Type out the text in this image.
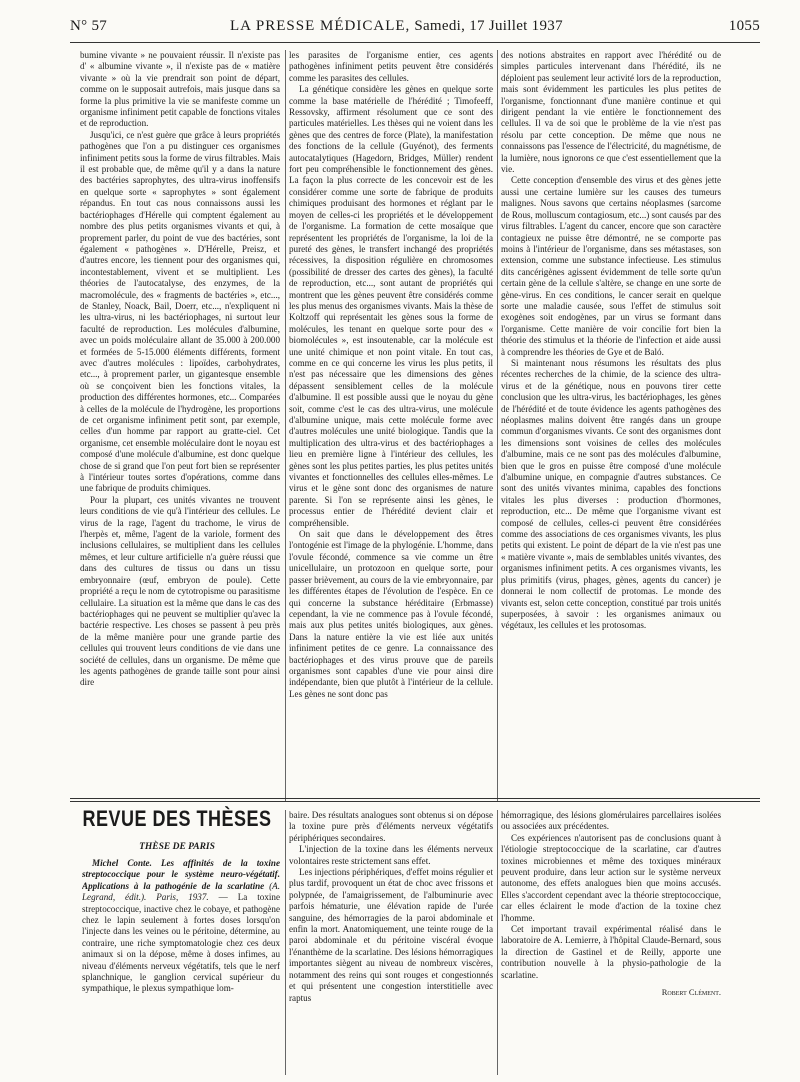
N° 57	LA PRESSE MÉDICALE, Samedi, 17 Juillet 1937	1055

bumine vivante » ne pouvaient réussir. Il n'existe pas d' « albumine vivante », il n'existe pas de « matière vivante » où la vie prendrait son point de départ, comme on le supposait autrefois, mais jusque dans sa forme la plus primitive la vie se manifeste comme un organisme infiniment petit capable de fonctions vitales et de reproduction.

Jusqu'ici, ce n'est guère que grâce à leurs propriétés pathogènes que l'on a pu distinguer ces organismes infiniment petits sous la forme de virus filtrables. Mais il est probable que, de même qu'il y a dans la nature des bactéries saprophytes, des ultra-virus inoffensifs en quelque sorte « saprophytes » sont également répandus. En tout cas nous connaissons aussi les bactériophages d'Hérelle qui comptent également au nombre des plus petits organismes vivants et qui, à proprement parler, du point de vue des bactéries, sont également « pathogènes ». D'Hérelle, Preisz, et d'autres encore, les tiennent pour des organismes qui, incontestablement, vivent et se multiplient. Les théories de l'autocatalyse, des enzymes, de la macromolécule, des « fragments de bactéries », etc..., de Stanley, Noack, Bail, Doerr, etc..., n'expliquent ni les ultra-virus, ni les bactériophages, ni surtout leur faculté de reproduction. Les molécules d'albumine, avec un poids moléculaire allant de 35.000 à 200.000 et formées de 5-15.000 éléments différents, forment avec d'autres molécules : lipoïdes, carbohydrates, etc..., à proprement parler, un gigantesque ensemble où se conçoivent bien les fonctions vitales, la production des différentes hormones, etc... Comparées à celles de la molécule de l'hydrogène, les proportions de cet organisme infiniment petit sont, par exemple, celles d'un homme par rapport au gratte-ciel. Cet organisme, cet ensemble moléculaire dont le noyau est composé d'une molécule d'albumine, est donc quelque chose de si grand que l'on peut fort bien se représenter à l'intérieur toutes sortes d'opérations, comme dans une fabrique de produits chimiques.

Pour la plupart, ces unités vivantes ne trouvent leurs conditions de vie qu'à l'intérieur des cellules. Le virus de la rage, l'agent du trachome, le virus de l'herpès et, même, l'agent de la variole, forment des inclusions cellulaires, se multiplient dans les cellules mêmes, et leur culture artificielle n'a guère réussi que dans des cultures de tissus ou dans un tissu embryonnaire (œuf, embryon de poule). Cette propriété a reçu le nom de cytotropisme ou parasitisme cellulaire. La situation est la même que dans le cas des bactériophages qui ne peuvent se multiplier qu'avec la bactérie respective. Les choses se passent à peu près de la même manière pour une grande partie des cellules qui trouvent leurs conditions de vie dans une société de cellules, dans un organisme. De même que les agents pathogènes de grande taille sont pour ainsi dire

les parasites de l'organisme entier, ces agents pathogènes infiniment petits peuvent être considérés comme les parasites des cellules.

La génétique considère les gènes en quelque sorte comme la base matérielle de l'hérédité ; Timofeeff, Ressovsky, affirment résolument que ce sont des particules matérielles. Les thèses qui ne voient dans les gènes que des centres de force (Plate), la manifestation des fonctions de la cellule (Guyénot), des ferments autocatalytiques (Hagedorn, Bridges, Müller) rendent fort peu compréhensible le fonctionnement des gènes. La façon la plus correcte de les concevoir est de les considérer comme une sorte de fabrique de produits chimiques produisant des hormones et réglant par le moyen de celles-ci les propriétés et le développement de l'organisme. La formation de cette mosaïque que représentent les propriétés de l'organisme, la loi de la pureté des gènes, le transfert inchangé des propriétés récessives, la disposition régulière en chromosomes (possibilité de dresser des cartes des gènes), la faculté de reproduction, etc..., sont autant de propriétés qui montrent que les gènes peuvent être considérés comme les plus menus des organismes vivants. Mais la thèse de Koltzoff qui représentait les gènes sous la forme de molécules, les tenant en quelque sorte pour des « biomolécules », est insoutenable, car la molécule est une unité chimique et non point vitale. En tout cas, comme en ce qui concerne les virus les plus petits, il n'est pas nécessaire que les dimensions des gènes dépassent sensiblement celles de la molécule d'albumine. Il est possible aussi que le noyau du gène soit, comme c'est le cas des ultra-virus, une molécule d'albumine unique, mais cette molécule forme avec d'autres molécules une unité biologique. Tandis que la multiplication des ultra-virus et des bactériophages a lieu en première ligne à l'intérieur des cellules, les gènes sont les plus petites parties, les plus petites unités vivantes et fonctionnelles des cellules elles-mêmes. Le virus et le gène sont donc des organismes de nature parente. Si l'on se représente ainsi les gènes, le processus entier de l'hérédité devient clair et compréhensible.

On sait que dans le développement des êtres l'ontogénie est l'image de la phylogénie. L'homme, dans l'ovule fécondé, commence sa vie comme un être unicellulaire, un protozoon en quelque sorte, pour passer brièvement, au cours de la vie embryonnaire, par les différentes étapes de l'évolution de l'espèce. En ce qui concerne la substance héréditaire (Erbmasse) cependant, la vie ne commence pas à l'ovule fécondé, mais aux plus petites unités biologiques, aux gènes. Dans la nature entière la vie est liée aux unités infiniment petites de ce genre. La connaissance des bactériophages et des virus prouve que de pareils organismes sont capables d'une vie pour ainsi dire indépendante, bien que plutôt à l'intérieur de la cellule. Les gènes ne sont donc pas

des notions abstraites en rapport avec l'hérédité ou de simples particules intervenant dans l'hérédité, ils ne déploient pas seulement leur activité lors de la reproduction, mais sont évidemment les particules les plus petites de l'organisme, fonctionnant d'une manière continue et qui dirigent pendant la vie entière le fonctionnement des cellules. Il va de soi que le problème de la vie n'est pas résolu par cette conception. De même que nous ne connaissons pas l'essence de l'électricité, du magnétisme, de la lumière, nous ignorons ce que c'est essentiellement que la vie.

Cette conception d'ensemble des virus et des gènes jette aussi une certaine lumière sur les causes des tumeurs malignes. Nous savons que certains néoplasmes (sarcome de Rous, molluscum contagiosum, etc...) sont causés par des virus filtrables. L'agent du cancer, encore que son caractère contagieux ne puisse être démontré, ne se comporte pas moins à l'intérieur de l'organisme, dans ses métastases, son extension, comme une substance infectieuse. Les stimulus dits cancérigènes agissent évidemment de telle sorte qu'un certain gène de la cellule s'altère, se change en une sorte de gène-virus. En ces conditions, le cancer serait en quelque sorte une maladie causée, sous l'effet de stimulus soit exogènes soit endogènes, par un virus se formant dans l'organisme. Cette manière de voir concilie fort bien la théorie des stimulus et la théorie de l'infection et aide aussi à comprendre les théories de Gye et de Baló.

Si maintenant nous résumons les résultats des plus récentes recherches de la chimie, de la science des ultra-virus et de la génétique, nous en pouvons tirer cette conclusion que les ultra-virus, les bactériophages, les gènes de l'hérédité et de toute évidence les agents pathogènes des néoplasmes malins doivent être rangés dans un groupe commun d'organismes vivants. Ce sont des organismes dont les dimensions sont voisines de celles des molécules d'albumine, mais ce ne sont pas des molécules d'albumine, bien que le gros en puisse être composé d'une molécule d'albumine unique, en compagnie d'autres substances. Ce sont des unités vivantes minima, capables des fonctions vitales les plus diverses : production d'hormones, reproduction, etc... De même que l'organisme vivant est composé de cellules, celles-ci peuvent être considérées comme des associations de ces organismes vivants, les plus petits qui existent. Le point de départ de la vie n'est pas une « matière vivante », mais de semblables unités vivantes, des organismes infiniment petits. A ces organismes vivants, les plus primitifs (virus, phages, gènes, agents du cancer) je donnerai le nom collectif de protomas. Le monde des vivants est, selon cette conception, constitué par trois unités superposées, à savoir : les organismes animaux ou végétaux, les cellules et les protosomas.

REVUE DES THÈSES
THÈSE DE PARIS

Michel Conte. Les affinités de la toxine streptococcique pour le système neuro-végétatif. Applications à la pathogénie de la scarlatine (A. Legrand, édit.). Paris, 1937. — La toxine streptococcique, inactive chez le cobaye, et pathogène chez le lapin seulement à fortes doses lorsqu'on l'injecte dans les veines ou le péritoine, détermine, au contraire, une riche symptomatologie chez ces deux animaux si on la dépose, même à doses infimes, au niveau d'éléments nerveux végétatifs, tels que le nerf splanchnique, le ganglion cervical supérieur du sympathique, le plexus sympathique lom-

baire. Des résultats analogues sont obtenus si on dépose la toxine pure près d'éléments nerveux végétatifs périphériques secondaires.

L'injection de la toxine dans les éléments nerveux volontaires reste strictement sans effet.

Les injections périphériques, d'effet moins régulier et plus tardif, provoquent un état de choc avec frissons et polypnée, de l'amaigrissement, de l'albuminurie avec parfois hématurie, une élévation rapide de l'urée sanguine, des hémorragies de la paroi abdominale et enfin la mort. Anatomiquement, une teinte rouge de la paroi abdominale et du péritoine viscéral évoque l'énanthème de la scarlatine. Des lésions hémorragiques importantes siègent au niveau de nombreux viscères, notamment des reins qui sont rouges et congestionnés et qui présentent une congestion interstitielle avec raptus

hémorragique, des lésions glomérulaires parcellaires isolées ou associées aux précédentes.

Ces expériences n'autorisent pas de conclusions quant à l'étiologie streptococcique de la scarlatine, car d'autres toxines microbiennes et même des toxiques minéraux peuvent produire, dans leur action sur le système nerveux autonome, des effets analogues bien que moins accusés. Elles s'accordent cependant avec la théorie streptococcique, car elles éclairent le mode d'action de la toxine chez l'homme.

Cet important travail expérimental réalisé dans le laboratoire de A. Lemierre, à l'hôpital Claude-Bernard, sous la direction de Gastinel et de Reilly, apporte une contribution nouvelle à la physio-pathologie de la scarlatine.

Robert Clément.
